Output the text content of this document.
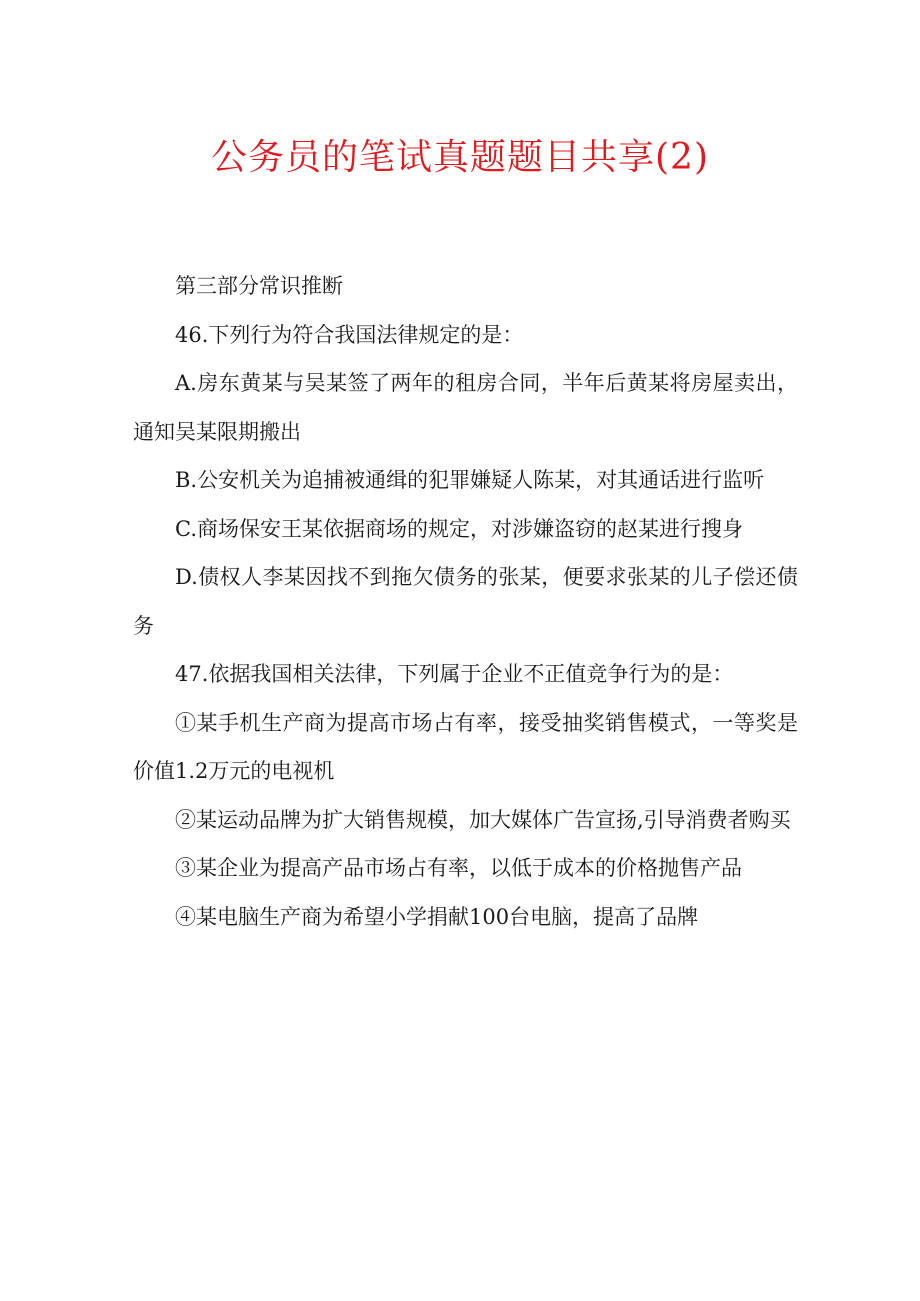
公务员的笔试真题题目共享(2)

第三部分常识推断

46.下列行为符合我国法律规定的是：

A.房东黄某与吴某签了两年的租房合同，半年后黄某将房屋卖出，通知吴某限期搬出

B.公安机关为追捕被通缉的犯罪嫌疑人陈某，对其通话进行监听

C.商场保安王某依据商场的规定，对涉嫌盗窃的赵某进行搜身

D.债权人李某因找不到拖欠债务的张某，便要求张某的儿子偿还债务

47.依据我国相关法律，下列属于企业不正值竞争行为的是：

①某手机生产商为提高市场占有率，接受抽奖销售模式，一等奖是价值1.2万元的电视机

②某运动品牌为扩大销售规模，加大媒体广告宣扬,引导消费者购买

③某企业为提高产品市场占有率，以低于成本的价格抛售产品

④某电脑生产商为希望小学捐献100台电脑，提高了品牌
